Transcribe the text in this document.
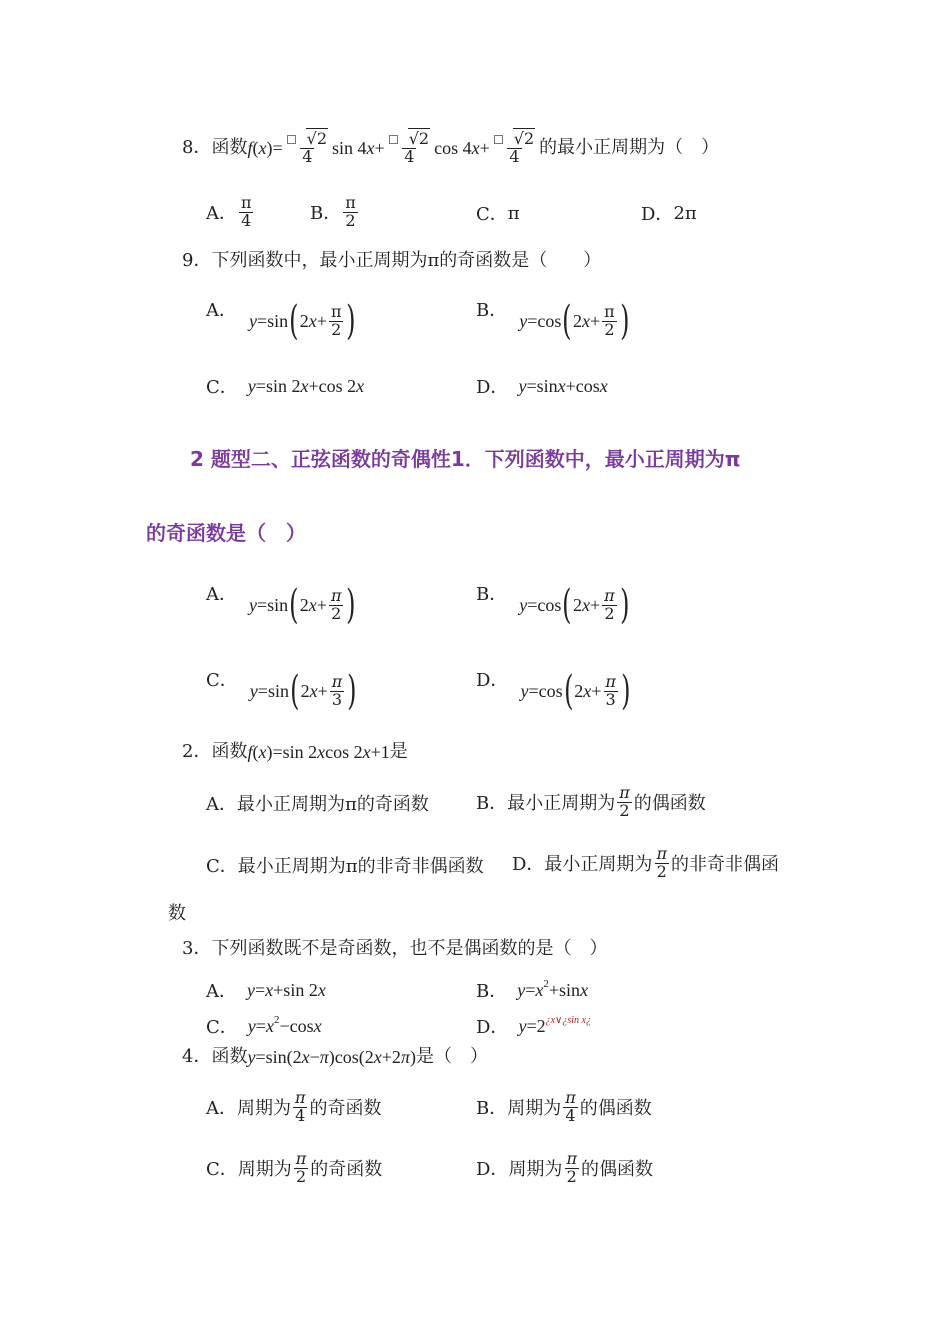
8． 函数 $f(x)= \frac{√2}{4}$ $\sin 4x+ \frac{√2}{4}$ $\cos 4x+ \frac{√2}{4}$ 的最小正周期为（　）
A． $\frac{\pi}{4}$	B． $\frac{\pi}{2}$	C． π	D． 2π
9．下列函数中，最小正周期为π的奇函数是（　　）
A． y=sin ( $2x+ \frac{\pi}{2}$ )	B． y=cos ( $2x+ \frac{\pi}{2}$ )
C． y=sin 2x+cos 2x	D． y=sinx+cosx
2 题型二、正弦函数的奇偶性1．下列函数中，最小正周期为π
的奇函数是（　）
A． y=sin ( $2x+ \frac{\pi}{2}$ )	B． y=cos ( $2x+ \frac{\pi}{2}$ )
C． y=sin ( $2x+ \frac{\pi}{3}$ )	D． y=cos ( $2x+ \frac{\pi}{3}$ )
2．函数 f(x)=sin 2xcos 2x+1 是
A．最小正周期为π的奇函数	B．最小正周期为 $\frac{\pi}{2}$ 的偶函数
C．最小正周期为π的非奇非偶函数 D．最小正周期为 $\frac{\pi}{2}$ 的非奇非偶函
数
3．下列函数既不是奇函数，也不是偶函数的是（　）
A． y=x+sin 2x	B． $y=x^2+\sin x$
C． $y=x^2-\cos x$	D． $y=2^{¿x\vee¿sin x¿}$
4．函数 y=sin(2x−π)cos(2x+2π) 是（　）
A． 周期为 $\frac{\pi}{4}$ 的奇函数	B． 周期为 $\frac{\pi}{4}$ 的偶函数
C． 周期为 $\frac{\pi}{2}$ 的奇函数	D． 周期为 $\frac{\pi}{2}$ 的偶函数
